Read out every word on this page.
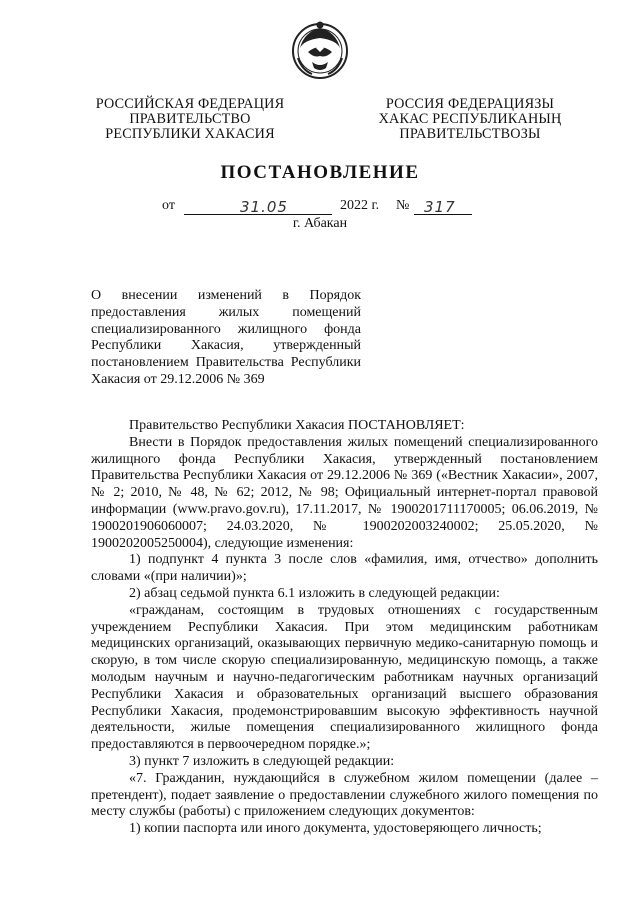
РОССИЙСКАЯ ФЕДЕРАЦИЯ
ПРАВИТЕЛЬСТВО
РЕСПУБЛИКИ ХАКАСИЯ
РОССИЯ ФЕДЕРАЦИЯЗЫ
ХАКАС РЕСПУБЛИКАНЫҢ
ПРАВИТЕЛЬСТВОЗЫ
ПОСТАНОВЛЕНИЕ
от	31.05	2022 г. № 317
г. Абакан
О внесении изменений в Порядок
предоставления жилых помещений
специализированного жилищного фонда
Республики Хакасия, утвержденный
постановлением Правительства Республики
Хакасия от 29.12.2006 № 369
Правительство Республики Хакасия ПОСТАНОВЛЯЕТ:
Внести в Порядок предоставления жилых помещений специализированного жилищного фонда Республики Хакасия, утвержденный постановлением Правительства Республики Хакасия от 29.12.2006 № 369 («Вестник Хакасии», 2007, № 2; 2010, № 48, № 62; 2012, № 98; Официальный интернет-портал правовой информации (www.pravo.gov.ru), 17.11.2017, № 1900201711170005; 06.06.2019, № 1900201906060007; 24.03.2020, № 1900202003240002; 25.05.2020, № 1900202005250004), следующие изменения:
1) подпункт 4 пункта 3 после слов «фамилия, имя, отчество» дополнить словами «(при наличии)»;
2) абзац седьмой пункта 6.1 изложить в следующей редакции:
«гражданам, состоящим в трудовых отношениях с государственным учреждением Республики Хакасия. При этом медицинским работникам медицинских организаций, оказывающих первичную медико-санитарную помощь и скорую, в том числе скорую специализированную, медицинскую помощь, а также молодым научным и научно-педагогическим работникам научных организаций Республики Хакасия и образовательных организаций высшего образования Республики Хакасия, продемонстрировавшим высокую эффективность научной деятельности, жилые помещения специализированного жилищного фонда предоставляются в первоочередном порядке.»;
3) пункт 7 изложить в следующей редакции:
«7. Гражданин, нуждающийся в служебном жилом помещении (далее – претендент), подает заявление о предоставлении служебного жилого помещения по месту службы (работы) с приложением следующих документов:
1) копии паспорта или иного документа, удостоверяющего личность;
